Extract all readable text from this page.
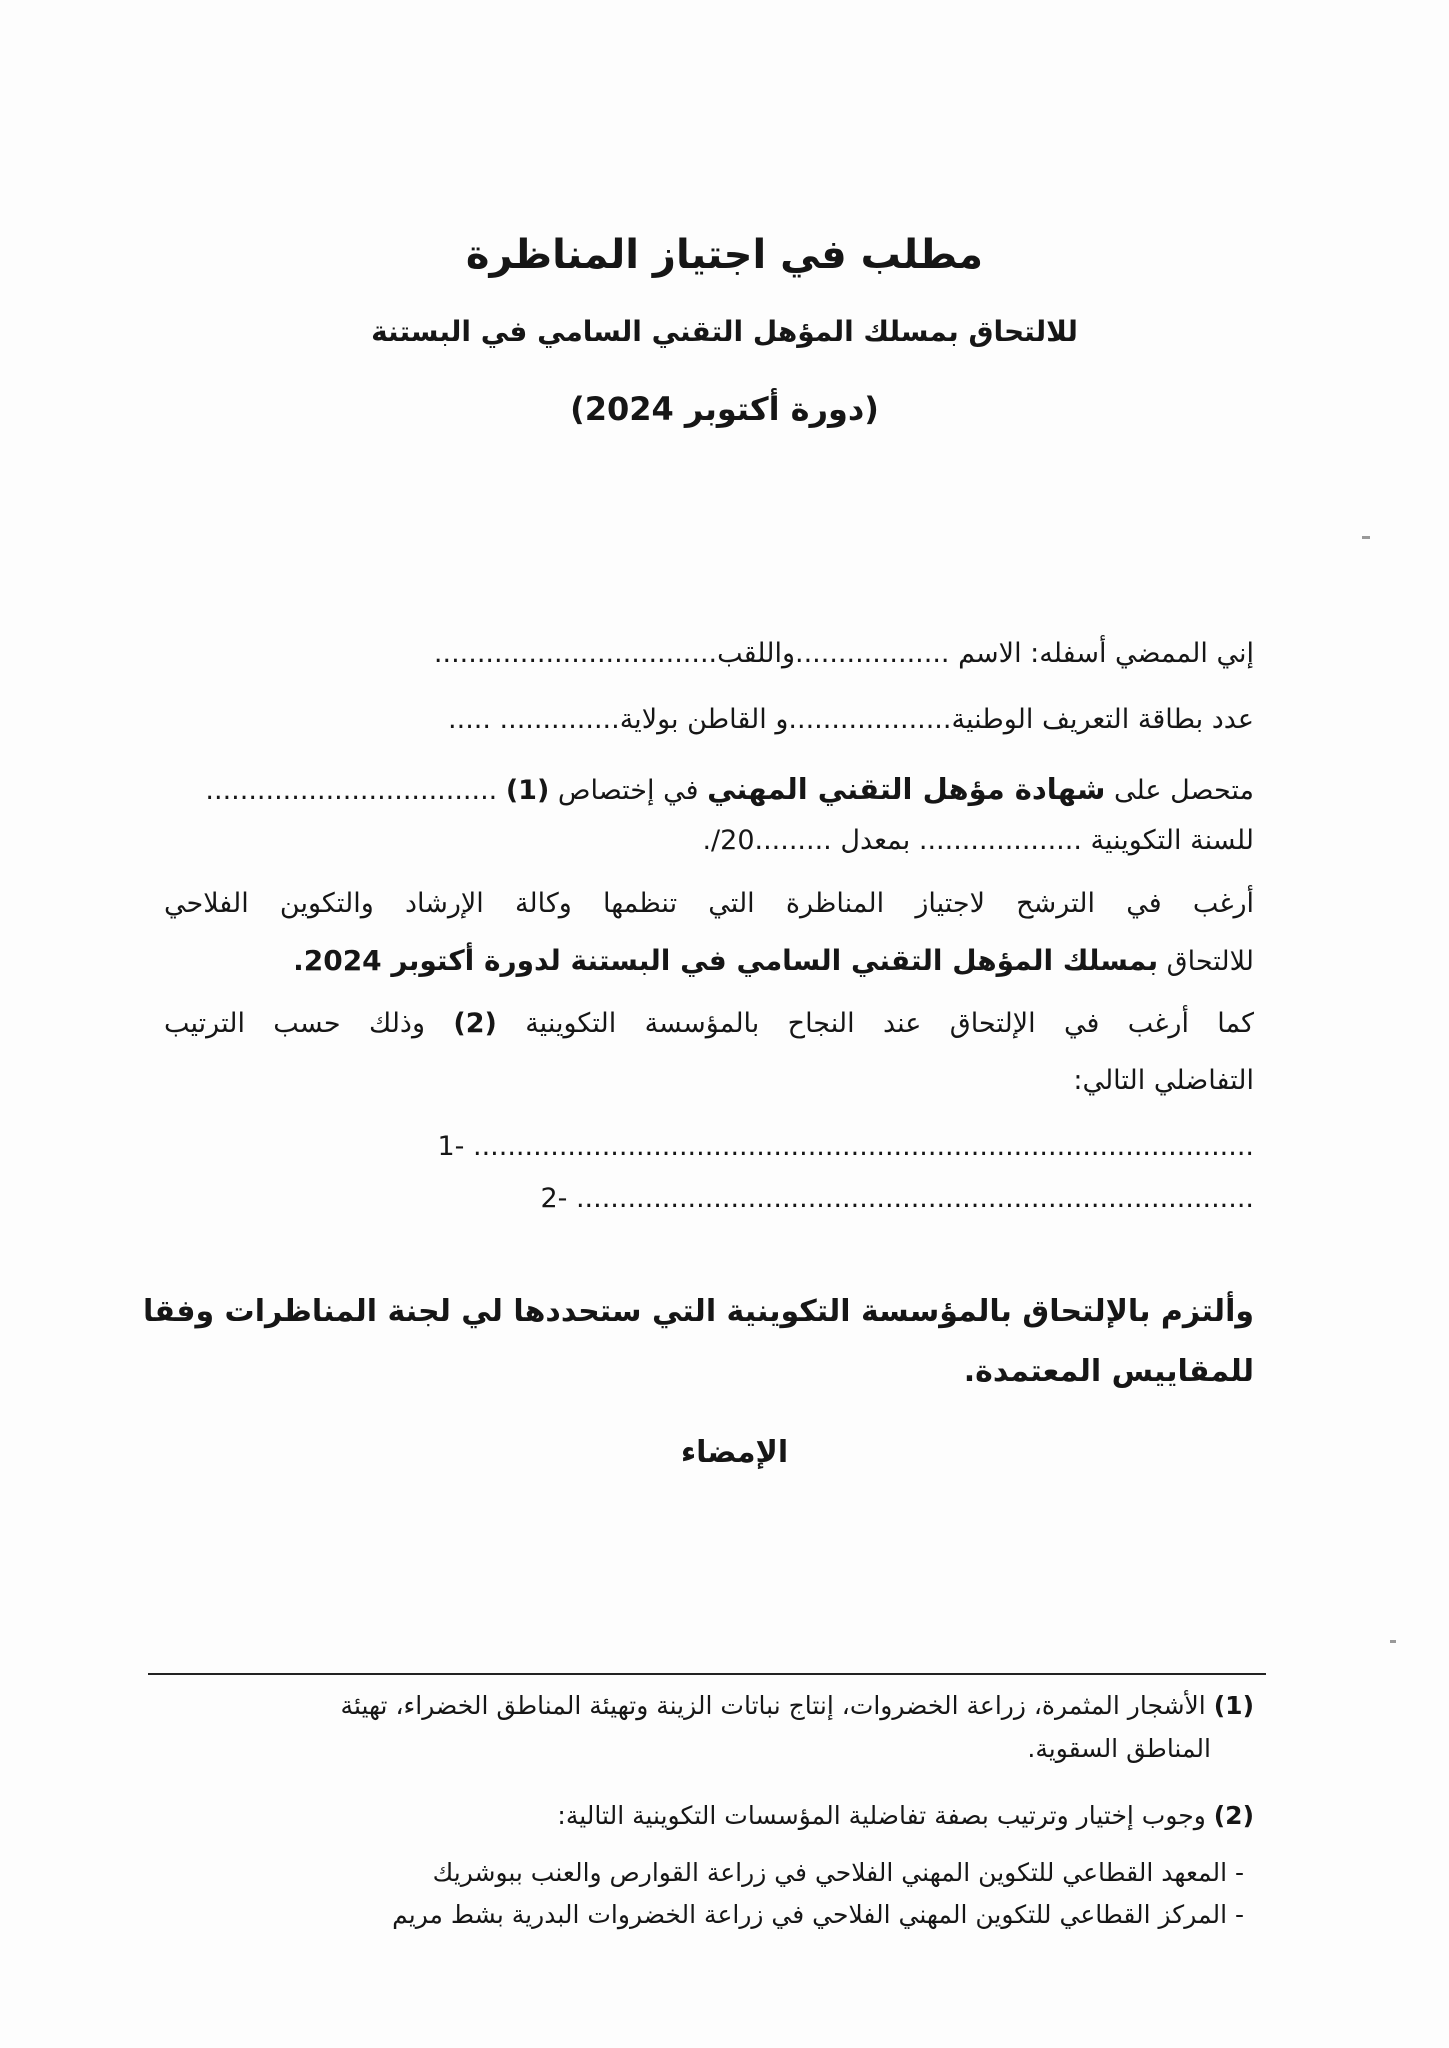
مطلب في اجتياز المناظرة
للالتحاق بمسلك المؤهل التقني السامي في البستنة
(دورة أكتوبر 2024)
إني الممضي أسفله: الاسم ..................واللقب.................................
عدد بطاقة التعريف الوطنية...................و القاطن بولاية.............. .....
متحصل على شهادة مؤهل التقني المهني في إختصاص (1) ..................................
للسنة التكوينية ................... بمعدل .........20/.
أرغب في الترشح لاجتياز المناظرة التي تنظمها وكالة الإرشاد والتكوين الفلاحي
للالتحاق بمسلك المؤهل التقني السامي في البستنة لدورة أكتوبر 2024.
كما أرغب في الإلتحاق عند النجاح بالمؤسسة التكوينية (2) وذلك حسب الترتيب
التفاضلي التالي:
1- ...........................................................................................
2- ...............................................................................
وألتزم بالإلتحاق بالمؤسسة التكوينية التي ستحددها لي لجنة المناظرات وفقا
للمقاييس المعتمدة.
الإمضاء
(1) الأشجار المثمرة، زراعة الخضروات، إنتاج نباتات الزينة وتهيئة المناطق الخضراء، تهيئة
المناطق السقوية.
(2) وجوب إختيار وترتيب بصفة تفاضلية المؤسسات التكوينية التالية:
- المعهد القطاعي للتكوين المهني الفلاحي في زراعة القوارص والعنب ببوشريك
- المركز القطاعي للتكوين المهني الفلاحي في زراعة الخضروات البدرية بشط مريم
